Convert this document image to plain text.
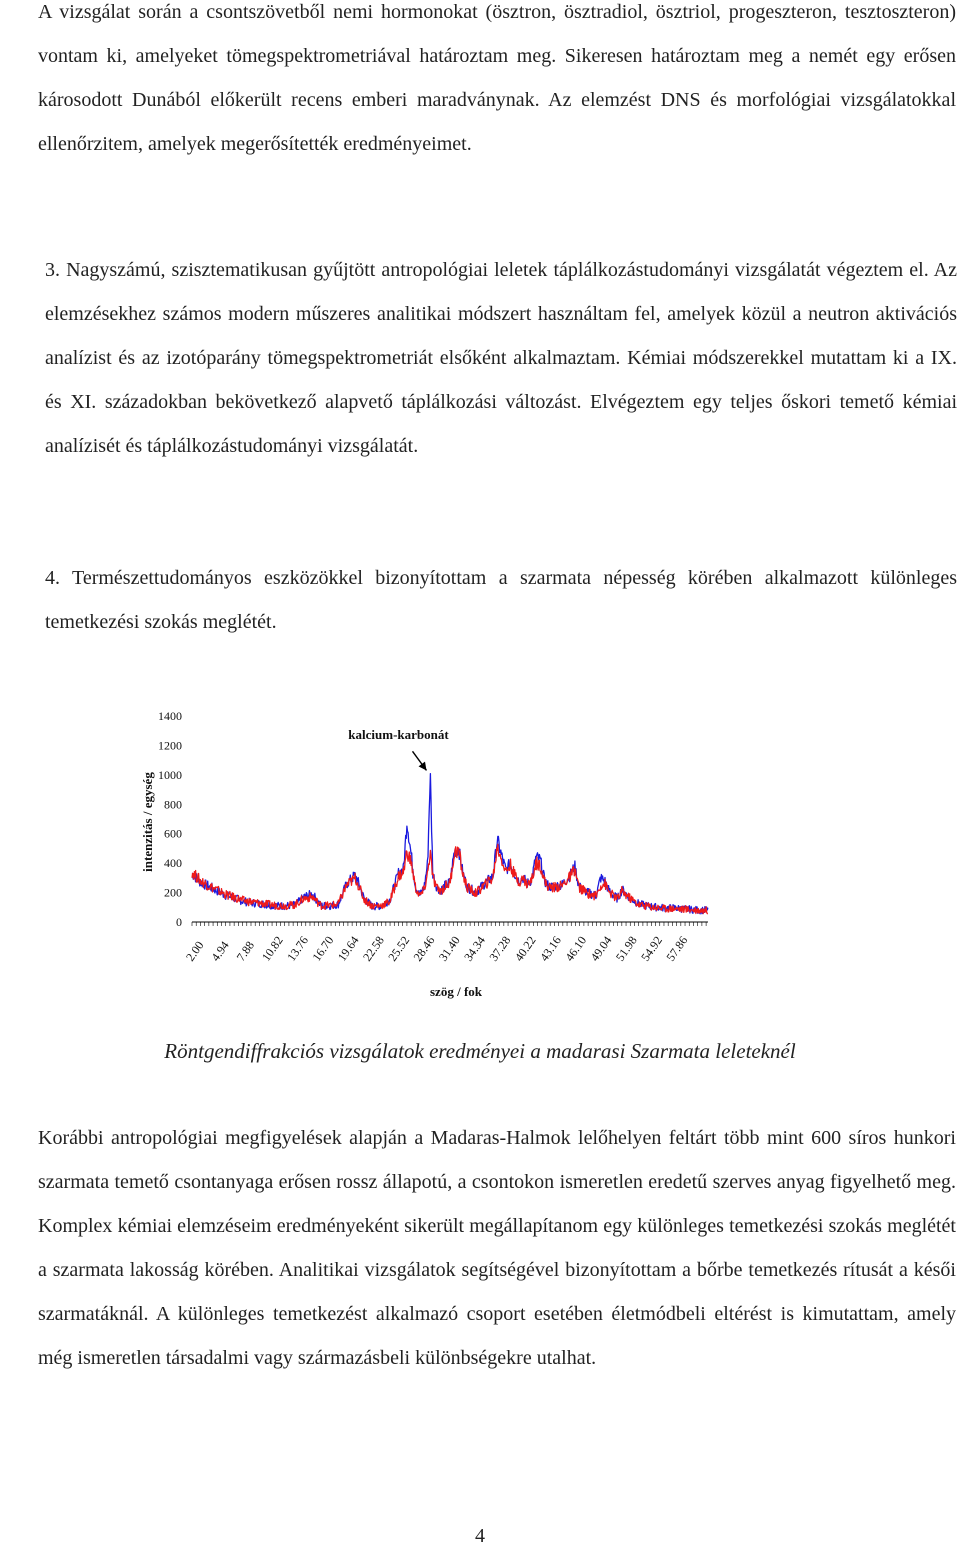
A vizsgálat során a csontszövetből nemi hormonokat (ösztron, ösztradiol, ösztriol, progeszteron, tesztoszteron) vontam ki, amelyeket tömegspektrometriával határoztam meg. Sikeresen határoztam meg a nemét egy erősen károsodott Dunából előkerült recens emberi maradványnak. Az elemzést DNS és morfológiai vizsgálatokkal ellenőrzitem, amelyek megerősítették eredményeimet.

3. Nagyszámú, szisztematikusan gyűjtött antropológiai leletek táplálkozástudományi vizsgálatát végeztem el. Az elemzésekhez számos modern műszeres analitikai módszert használtam fel, amelyek közül a neutron aktivációs analízist és az izotóparány tömegspektrometriát elsőként alkalmaztam. Kémiai módszerekkel mutattam ki a IX. és XI. századokban bekövetkező alapvető táplálkozási változást. Elvégeztem egy teljes őskori temető kémiai analízisét és táplálkozástudományi vizsgálatát.

4. Természettudományos eszközökkel bizonyítottam a szarmata népesség körében alkalmazott különleges temetkezési szokás meglétét.

0
200
400
600
800
1000
1200
1400
2.00 4.94 7.88 10.82
13.76
16.70
19.64
22.58
25.52
28.46
31.40
34.34
37.28
40.22
43.16
46.10
49.04
51.98
54.92
57.86
intenzitás / egység
szög / fok
kalcium-karbonát
Röntgendiffrakciós vizsgálatok eredményei a madarasi Szarmata leleteknél

Korábbi antropológiai megfigyelések alapján a Madaras-Halmok lelőhelyen feltárt több mint 600 síros hunkori szarmata temető csontanyaga erősen rossz állapotú, a csontokon ismeretlen eredetű szerves anyag figyelhető meg. Komplex kémiai elemzéseim eredményeként sikerült megállapítanom egy különleges temetkezési szokás meglétét a szarmata lakosság körében. Analitikai vizsgálatok segítségével bizonyítottam a bőrbe temetkezés rítusát a késői szarmatáknál. A különleges temetkezést alkalmazó csoport esetében életmódbeli eltérést is kimutattam, amely még ismeretlen társadalmi vagy származásbeli különbségekre utalhat.

4
